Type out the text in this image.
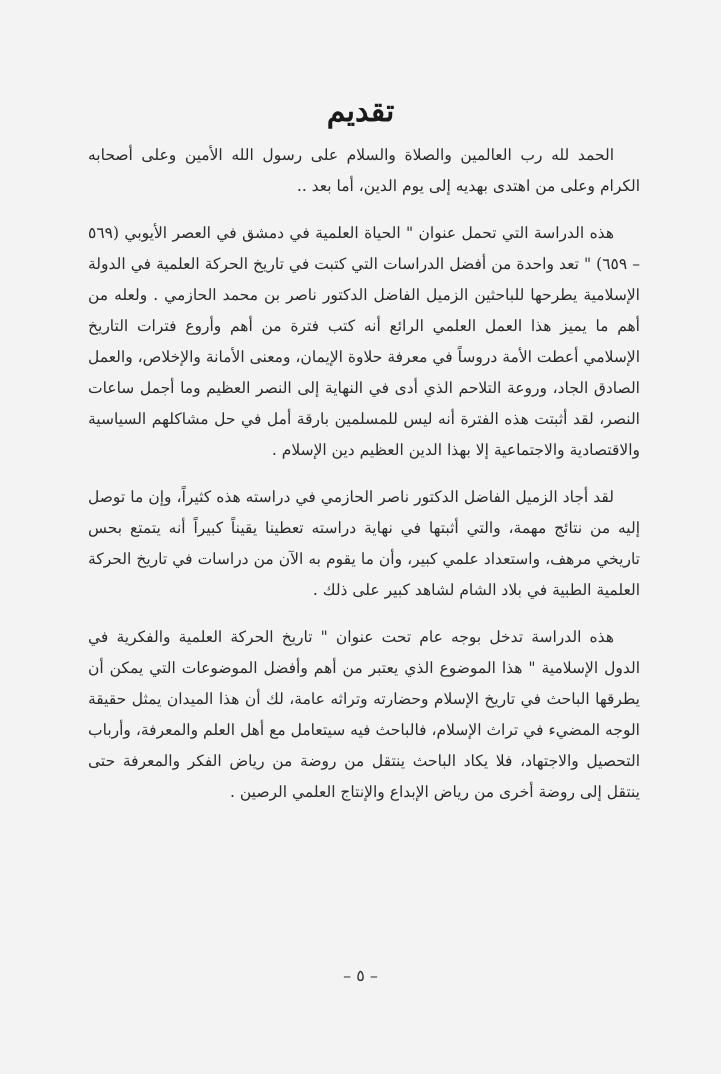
تقديم

الحمد لله رب العالمين والصلاة والسلام على رسول الله الأمين وعلى أصحابه الكرام وعلى من اهتدى بهديه إلى يوم الدين، أما بعد ..

هذه الدراسة التي تحمل عنوان " الحياة العلمية في دمشق في العصر الأيوبي (٥٦٩ – ٦٥٩) " تعد واحدة من أفضل الدراسات التي كتبت في تاريخ الحركة العلمية في الدولة الإسلامية يطرحها للباحثين الزميل الفاضل الدكتور ناصر بن محمد الحازمي . ولعله من أهم ما يميز هذا العمل العلمي الرائع أنه كتب فترة من أهم وأروع فترات التاريخ الإسلامي أعطت الأمة دروساً في معرفة حلاوة الإيمان، ومعنى الأمانة والإخلاص، والعمل الصادق الجاد، وروعة التلاحم الذي أدى في النهاية إلى النصر العظيم وما أجمل ساعات النصر، لقد أثبتت هذه الفترة أنه ليس للمسلمين بارقة أمل في حل مشاكلهم السياسية والاقتصادية والاجتماعية إلا بهذا الدين العظيم دين الإسلام .

لقد أجاد الزميل الفاضل الدكتور ناصر الحازمي في دراسته هذه كثيراً، وإن ما توصل إليه من نتائج مهمة، والتي أثبتها في نهاية دراسته تعطينا يقيناً كبيراً أنه يتمتع بحس تاريخي مرهف، واستعداد علمي كبير، وأن ما يقوم به الآن من دراسات في تاريخ الحركة العلمية الطبية في بلاد الشام لشاهد كبير على ذلك .

هذه الدراسة تدخل بوجه عام تحت عنوان " تاريخ الحركة العلمية والفكرية في الدول الإسلامية " هذا الموضوع الذي يعتبر من أهم وأفضل الموضوعات التي يمكن أن يطرقها الباحث في تاريخ الإسلام وحضارته وتراثه عامة، لك أن هذا الميدان يمثل حقيقة الوجه المضيء في تراث الإسلام، فالباحث فيه سيتعامل مع أهل العلم والمعرفة، وأرباب التحصيل والاجتهاد، فلا يكاد الباحث ينتقل من روضة من رياض الفكر والمعرفة حتى ينتقل إلى روضة أخرى من رياض الإبداع والإنتاج العلمي الرصين .

– ٥ –
